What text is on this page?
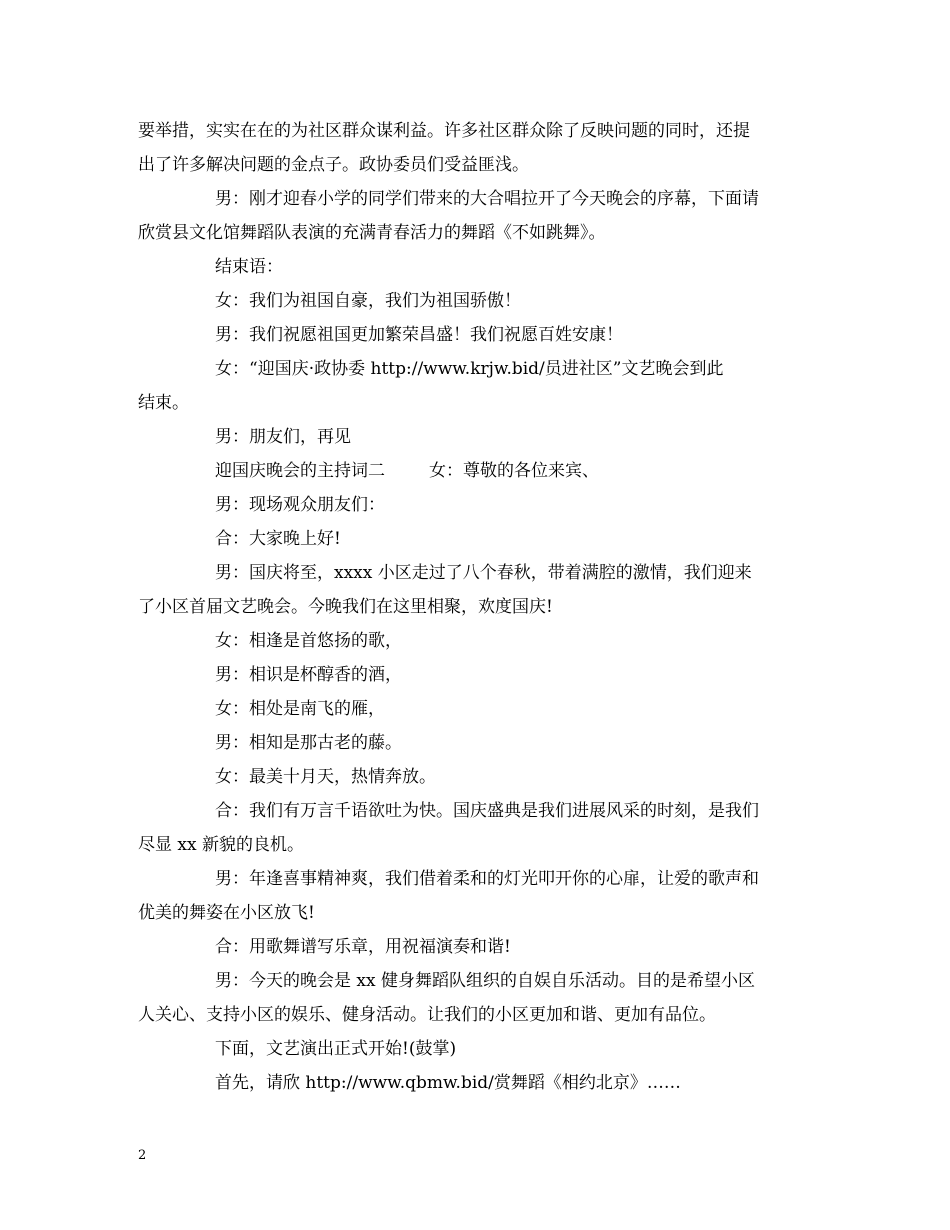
要举措，实实在在的为社区群众谋利益。许多社区群众除了反映问题的同时，还提
出了许多解决问题的金点子。政协委员们受益匪浅。
男：刚才迎春小学的同学们带来的大合唱拉开了今天晚会的序幕，下面请
欣赏县文化馆舞蹈队表演的充满青春活力的舞蹈《不如跳舞》。
结束语：
女：我们为祖国自豪，我们为祖国骄傲！
男：我们祝愿祖国更加繁荣昌盛！我们祝愿百姓安康！
女：“迎国庆·政协委 http://www.krjw.bid/员进社区”文艺晚会到此
结束。
男：朋友们，再见
迎国庆晚会的主持词二	女：尊敬的各位来宾、
男：现场观众朋友们：
合：大家晚上好!
男：国庆将至，xxxx 小区走过了八个春秋，带着满腔的激情，我们迎来
了小区首届文艺晚会。今晚我们在这里相聚，欢度国庆!
女：相逢是首悠扬的歌，
男：相识是杯醇香的酒，
女：相处是南飞的雁，
男：相知是那古老的藤。
女：最美十月天，热情奔放。
合：我们有万言千语欲吐为快。国庆盛典是我们进展风采的时刻，是我们
尽显 xx 新貌的良机。
男：年逢喜事精神爽，我们借着柔和的灯光叩开你的心扉，让爱的歌声和
优美的舞姿在小区放飞!
合：用歌舞谱写乐章，用祝福演奏和谐!
男：今天的晚会是 xx 健身舞蹈队组织的自娱自乐活动。目的是希望小区
人关心、支持小区的娱乐、健身活动。让我们的小区更加和谐、更加有品位。
下面，文艺演出正式开始!(鼓掌)
首先，请欣 http://www.qbmw.bid/赏舞蹈《相约北京》……
2
